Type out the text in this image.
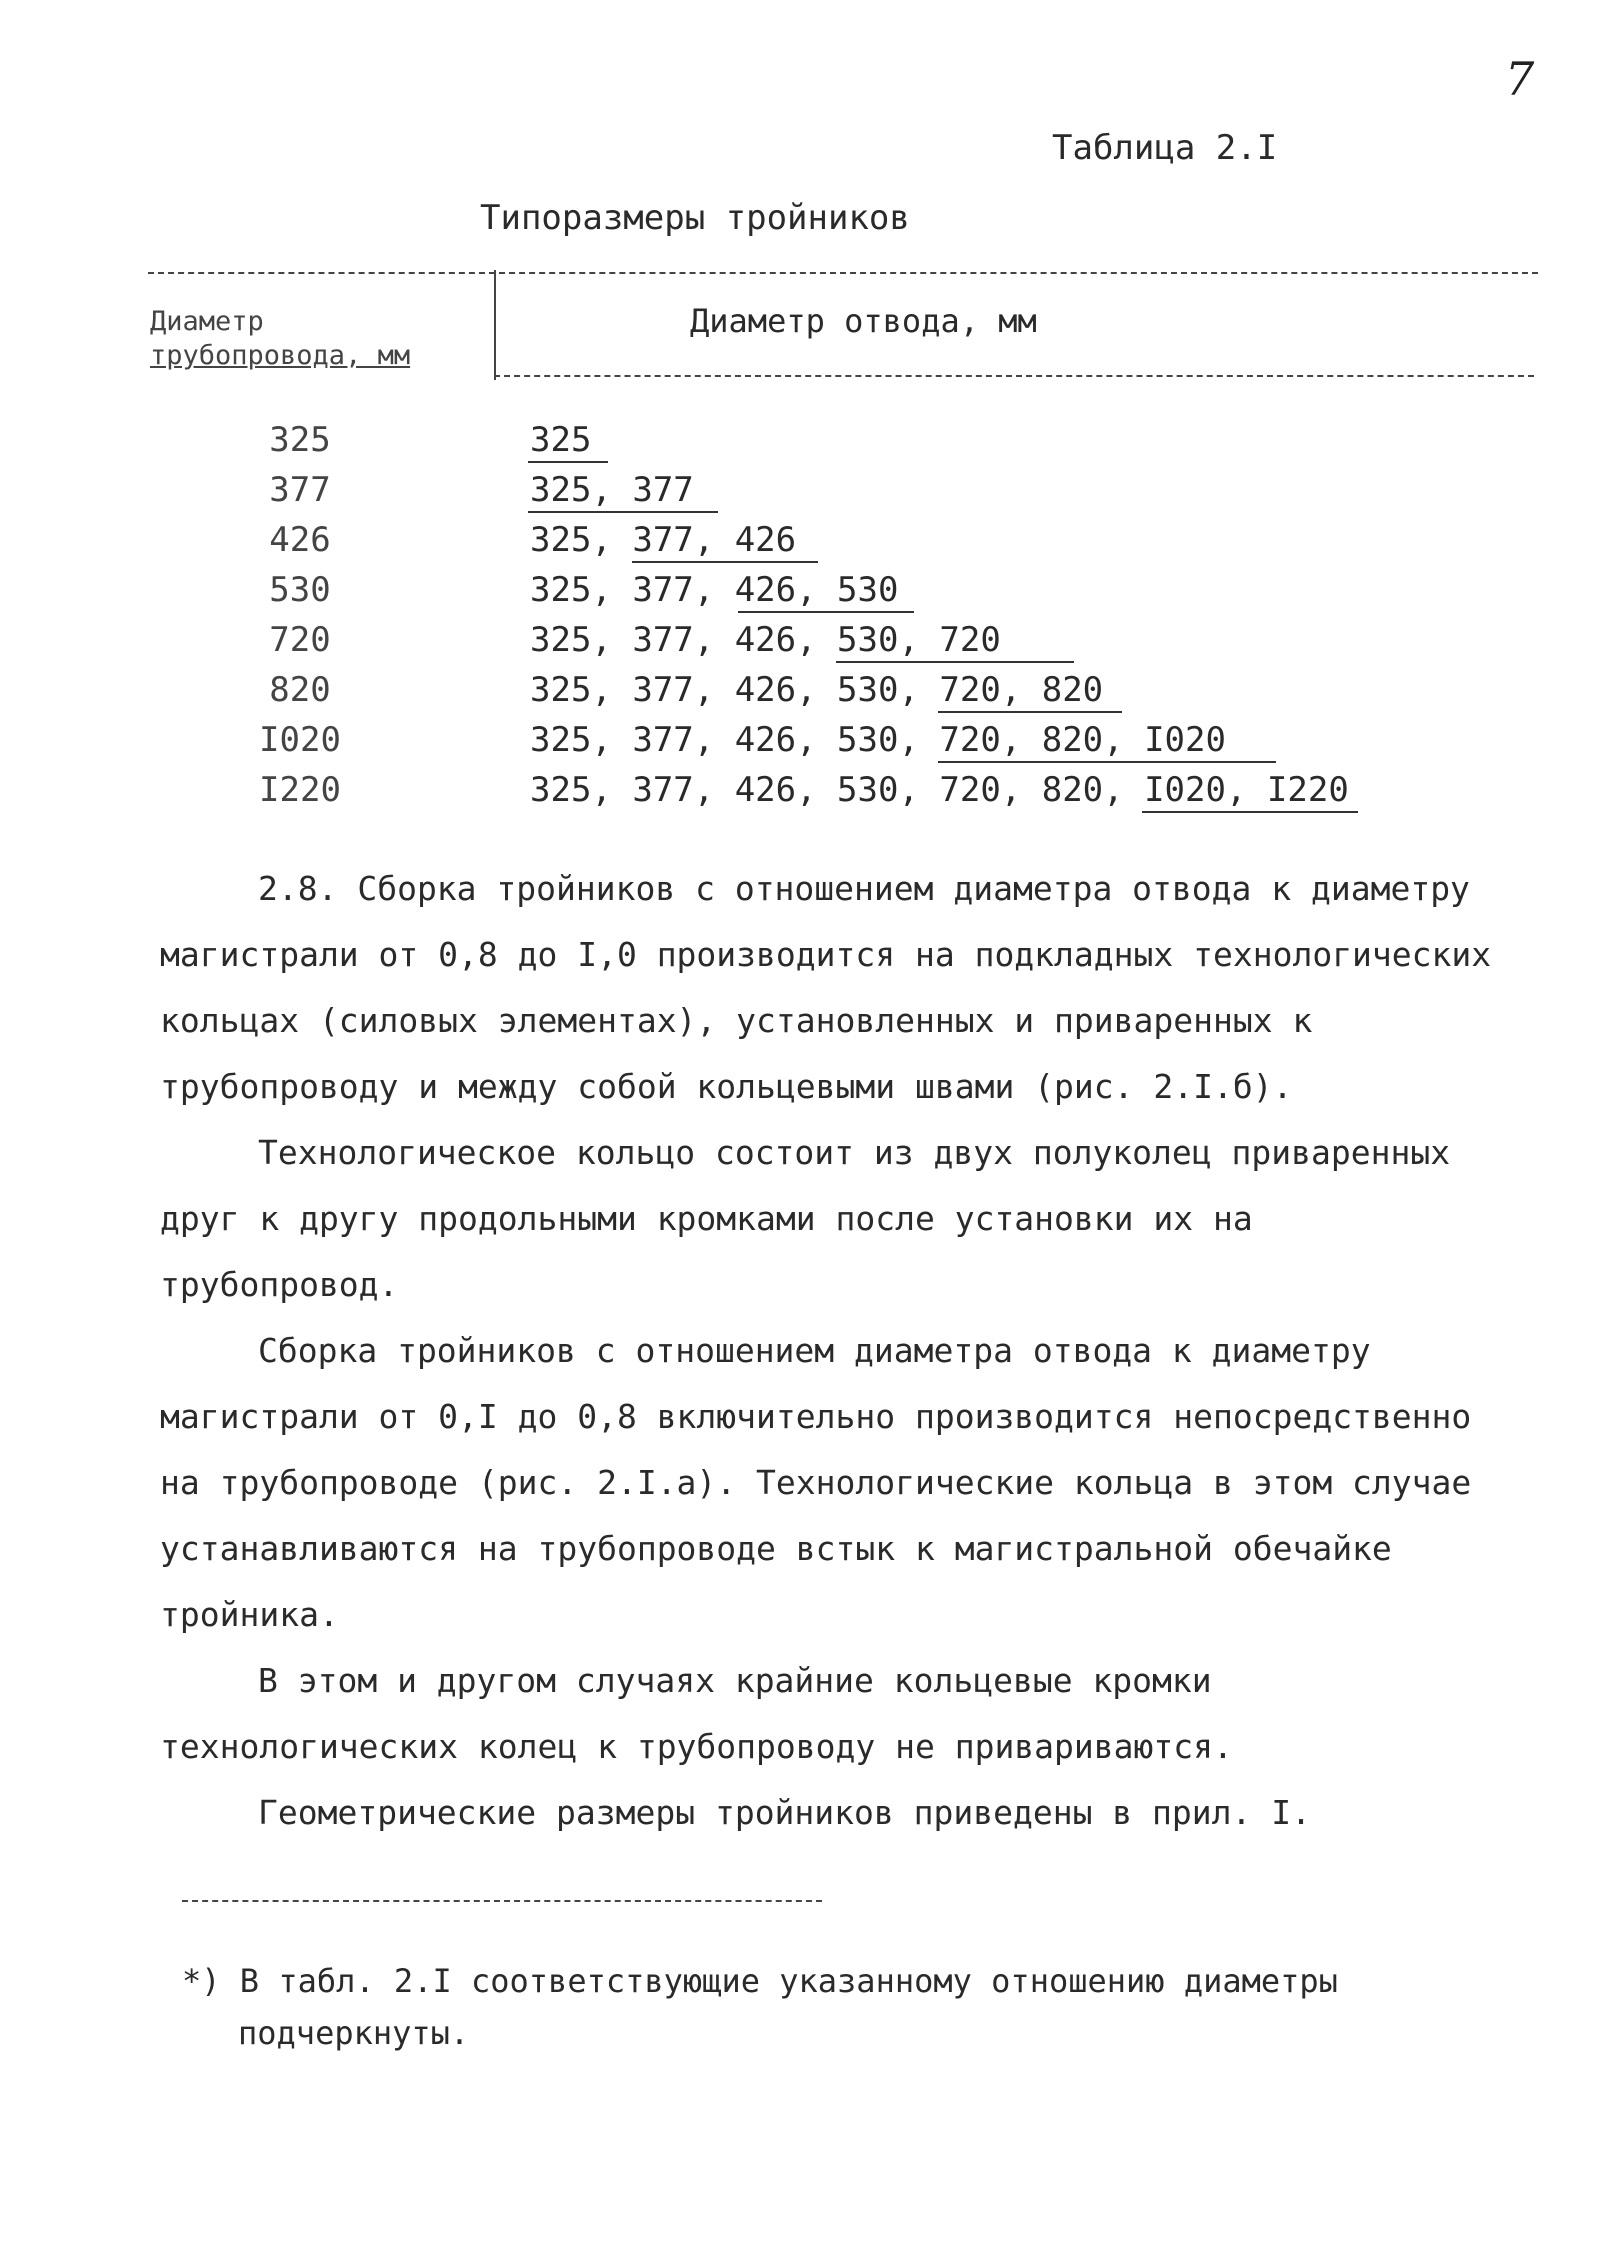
7
Таблица 2.I
Типоразмеры тройников
Диаметр
трубопровода, мм
Диаметр отвода, мм
325	325
377	325, 377
426	325, 377, 426
530	325, 377, 426, 530
720	325, 377, 426, 530, 720
820	325, 377, 426, 530, 720, 820
I020	325, 377, 426, 530, 720, 820, I020
I220	325, 377, 426, 530, 720, 820, I020, I220

2.8. Сборка тройников с отношением диаметра отвода к диаметру магистрали от 0,8 до I,0 производится на подкладных технологических кольцах (силовых элементах), установленных и приваренных к трубопроводу и между собой кольцевыми швами (рис. 2.I.б).

Технологическое кольцо состоит из двух полуколец приваренных друг к другу продольными кромками после установки их на трубопровод.

Сборка тройников с отношением диаметра отвода к диаметру магистрали от 0,I до 0,8 включительно производится непосредственно на трубопроводе (рис. 2.I.а). Технологические кольца в этом случае устанавливаются на трубопроводе встык к магистральной обечайке тройника.

В этом и другом случаях крайние кольцевые кромки технологических колец к трубопроводу не привариваются.

Геометрические размеры тройников приведены в прил. I.

*) В табл. 2.I соответствующие указанному отношению диаметры
подчеркнуты.
